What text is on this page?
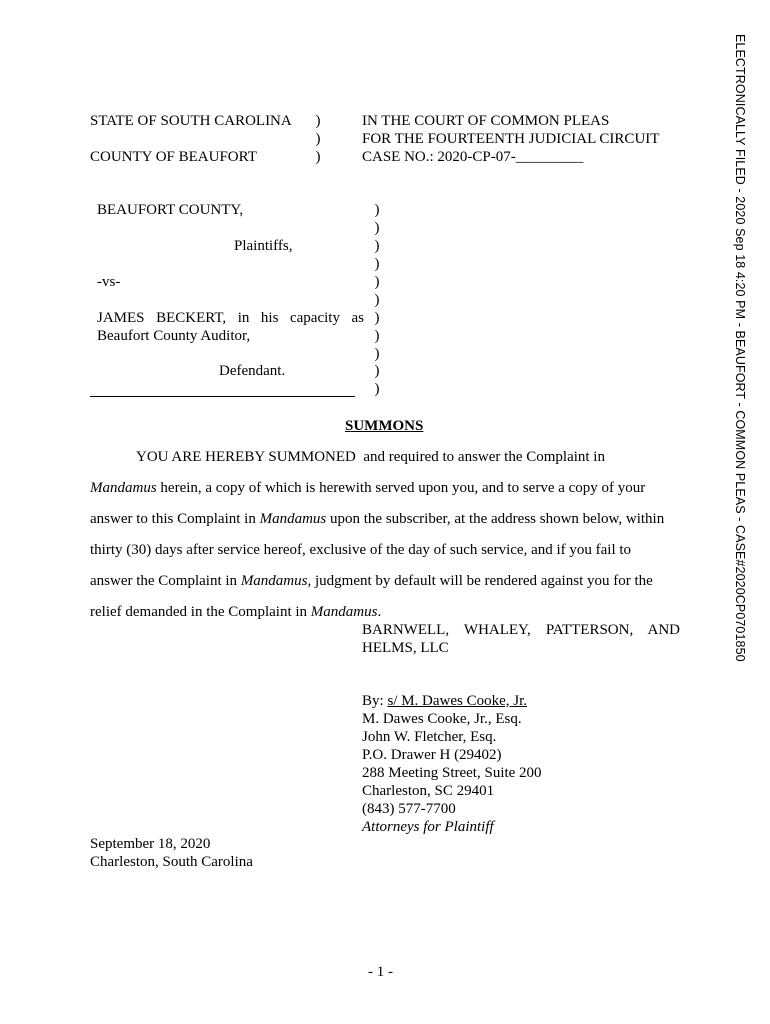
ELECTRONICALLY FILED - 2020 Sep 18 4:20 PM - BEAUFORT - COMMON PLEAS - CASE#2020CP0701850
STATE OF SOUTH CAROLINA
COUNTY OF BEAUFORT
)
)
)
IN THE COURT OF COMMON PLEAS
FOR THE FOURTEENTH JUDICIAL CIRCUIT
CASE NO.: 2020-CP-07-_________
BEAUFORT COUNTY,
Plaintiffs,
-vs-
JAMES BECKERT, in his capacity as
Beaufort County Auditor,
Defendant.
)
)
)
)
)
)
)
)
)
)
)
SUMMONS
YOU ARE HEREBY SUMMONED and required to answer the Complaint in
Mandamus herein, a copy of which is herewith served upon you, and to serve a copy of your
answer to this Complaint in Mandamus upon the subscriber, at the address shown below, within
thirty (30) days after service hereof, exclusive of the day of such service, and if you fail to
answer the Complaint in Mandamus, judgment by default will be rendered against you for the
relief demanded in the Complaint in Mandamus.
BARNWELL, WHALEY, PATTERSON, AND
HELMS, LLC
By: s/ M. Dawes Cooke, Jr.
M. Dawes Cooke, Jr., Esq.
John W. Fletcher, Esq.
P.O. Drawer H (29402)
288 Meeting Street, Suite 200
Charleston, SC 29401
(843) 577-7700
Attorneys for Plaintiff
September 18, 2020
Charleston, South Carolina
- 1 -
